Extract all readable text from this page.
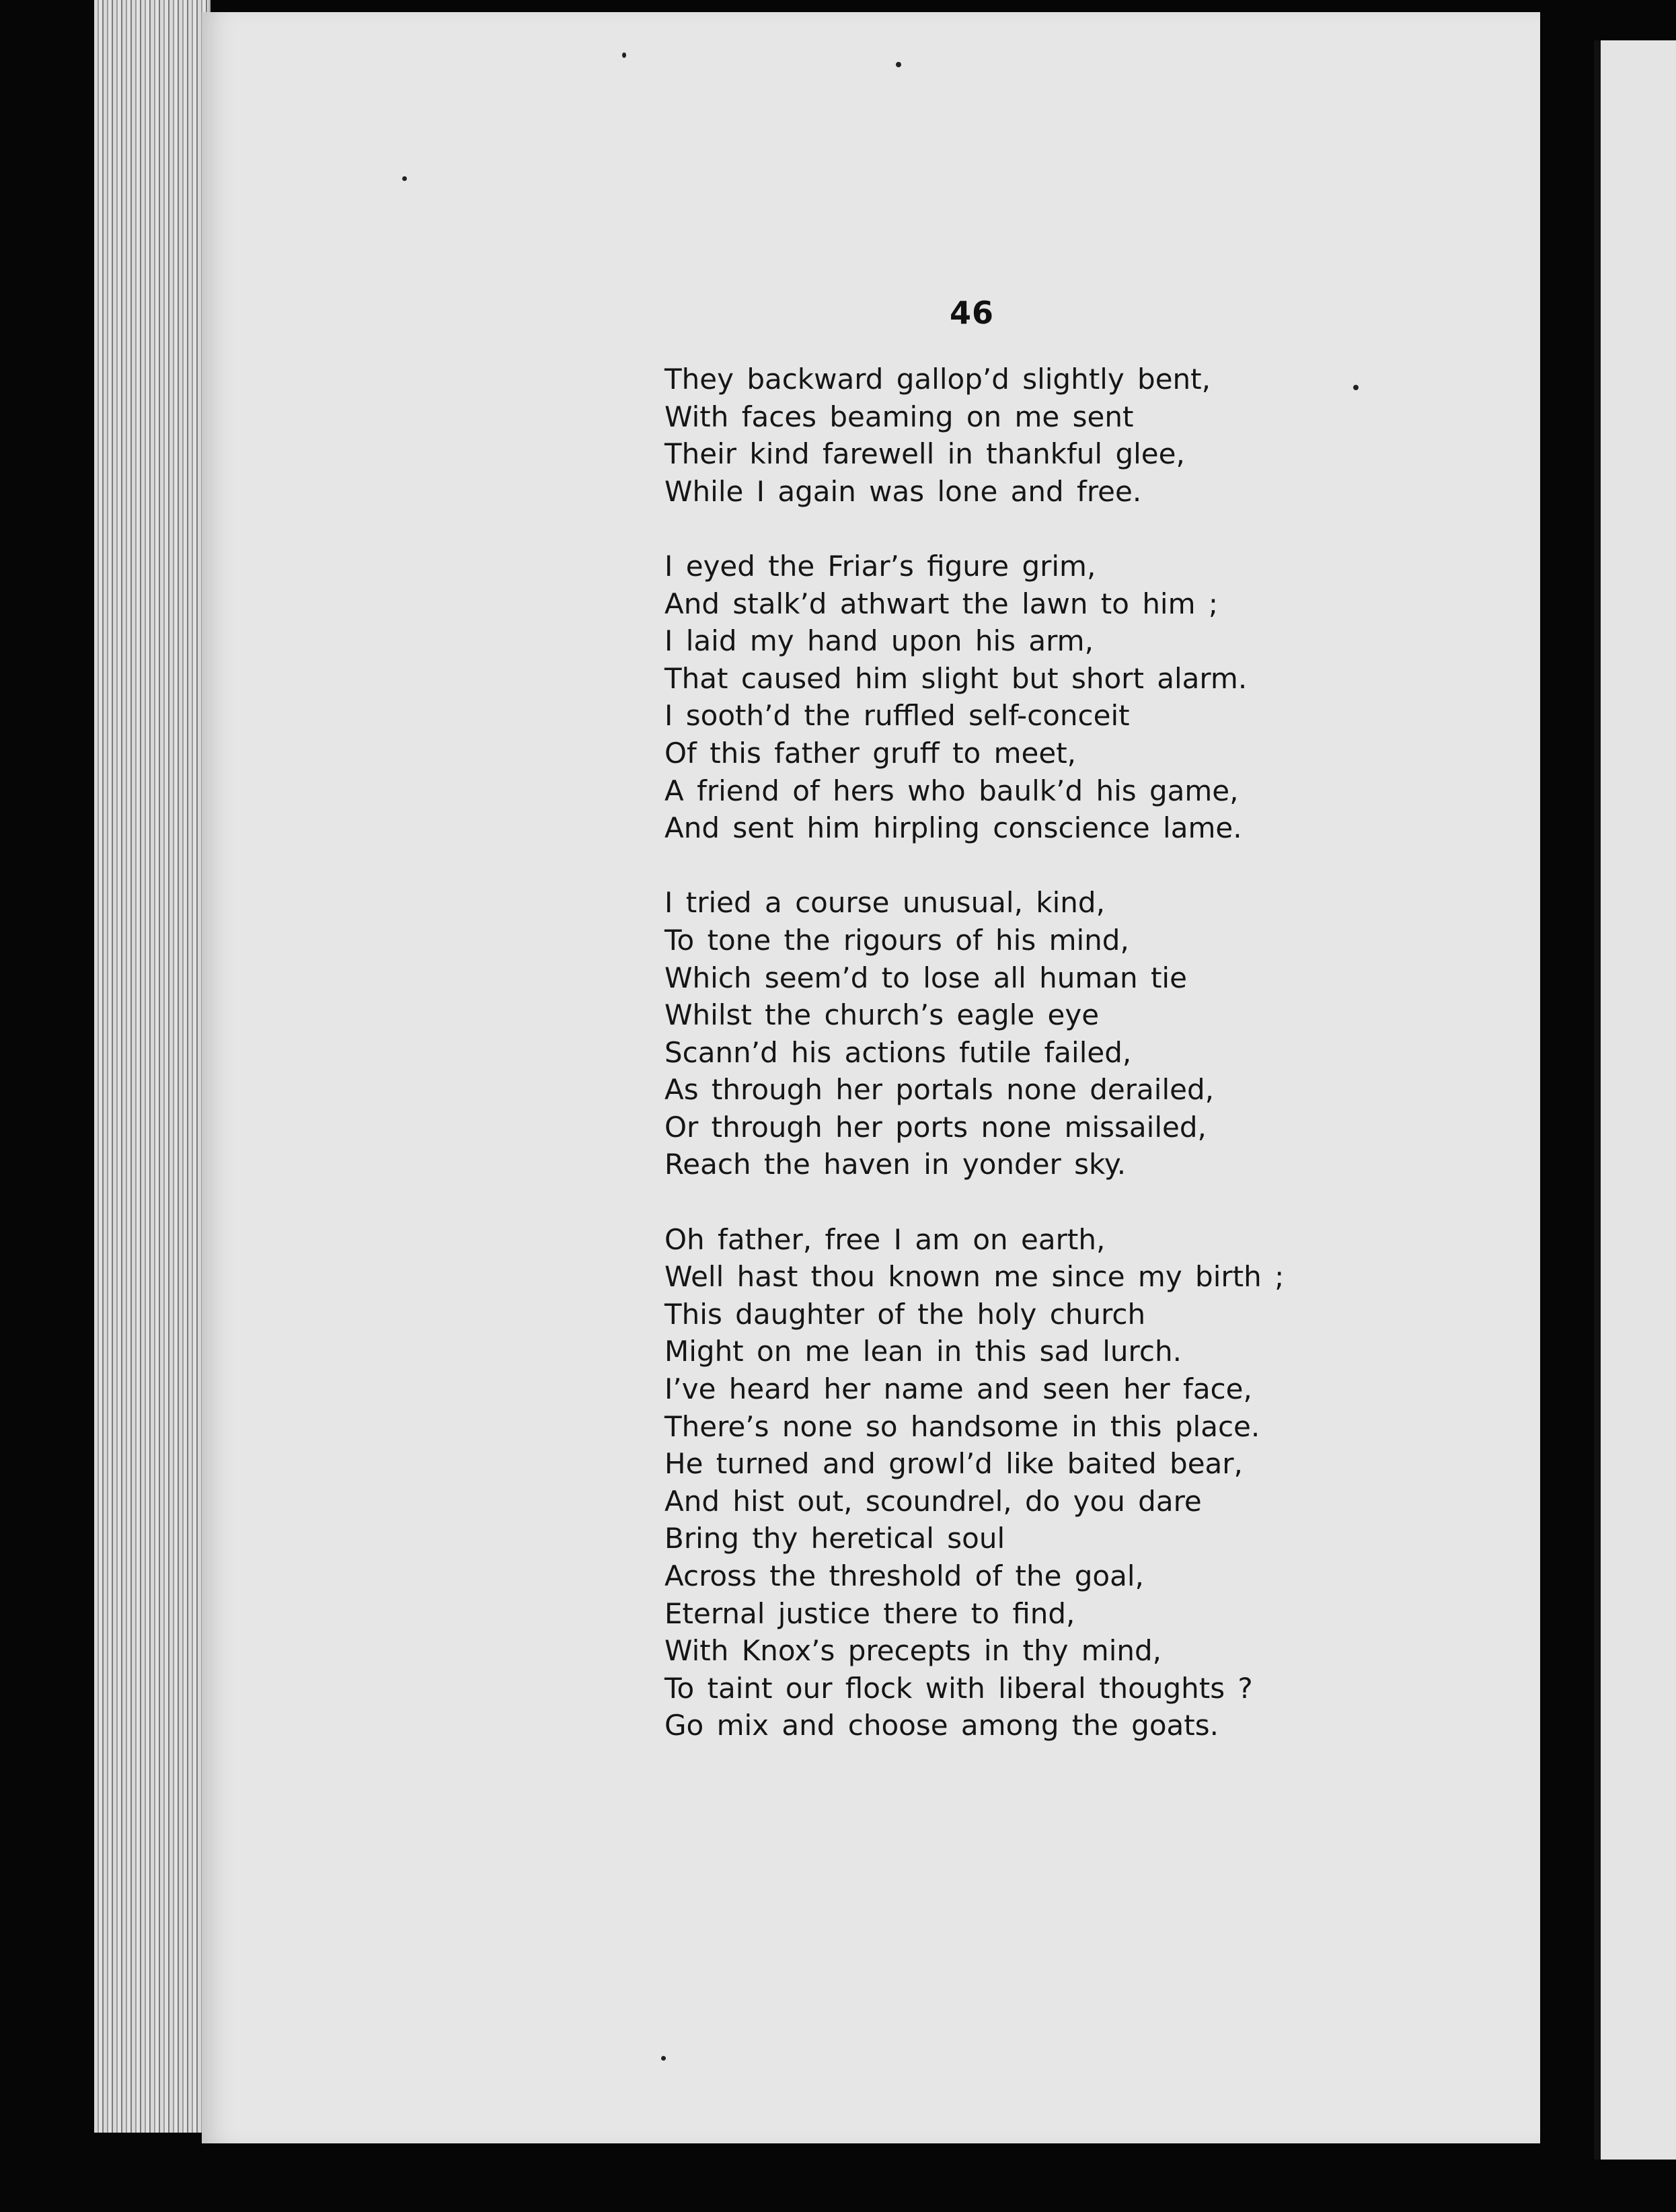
46
They backward gallop’d slightly bent,
With faces beaming on me sent
Their kind farewell in thankful glee,
While I again was lone and free.
I eyed the Friar’s figure grim,
And stalk’d athwart the lawn to him ;
I laid my hand upon his arm,
That caused him slight but short alarm.
I sooth’d the ruffled self-conceit
Of this father gruff to meet,
A friend of hers who baulk’d his game,
And sent him hirpling conscience lame.
I tried a course unusual, kind,
To tone the rigours of his mind,
Which seem’d to lose all human tie
Whilst the church’s eagle eye
Scann’d his actions futile failed,
As through her portals none derailed,
Or through her ports none missailed,
Reach the haven in yonder sky.
Oh father, free I am on earth,
Well hast thou known me since my birth ;
This daughter of the holy church
Might on me lean in this sad lurch.
I’ve heard her name and seen her face,
There’s none so handsome in this place.
He turned and growl’d like baited bear,
And hist out, scoundrel, do you dare
Bring thy heretical soul
Across the threshold of the goal,
Eternal justice there to find,
With Knox’s precepts in thy mind,
To taint our flock with liberal thoughts ?
Go mix and choose among the goats.
